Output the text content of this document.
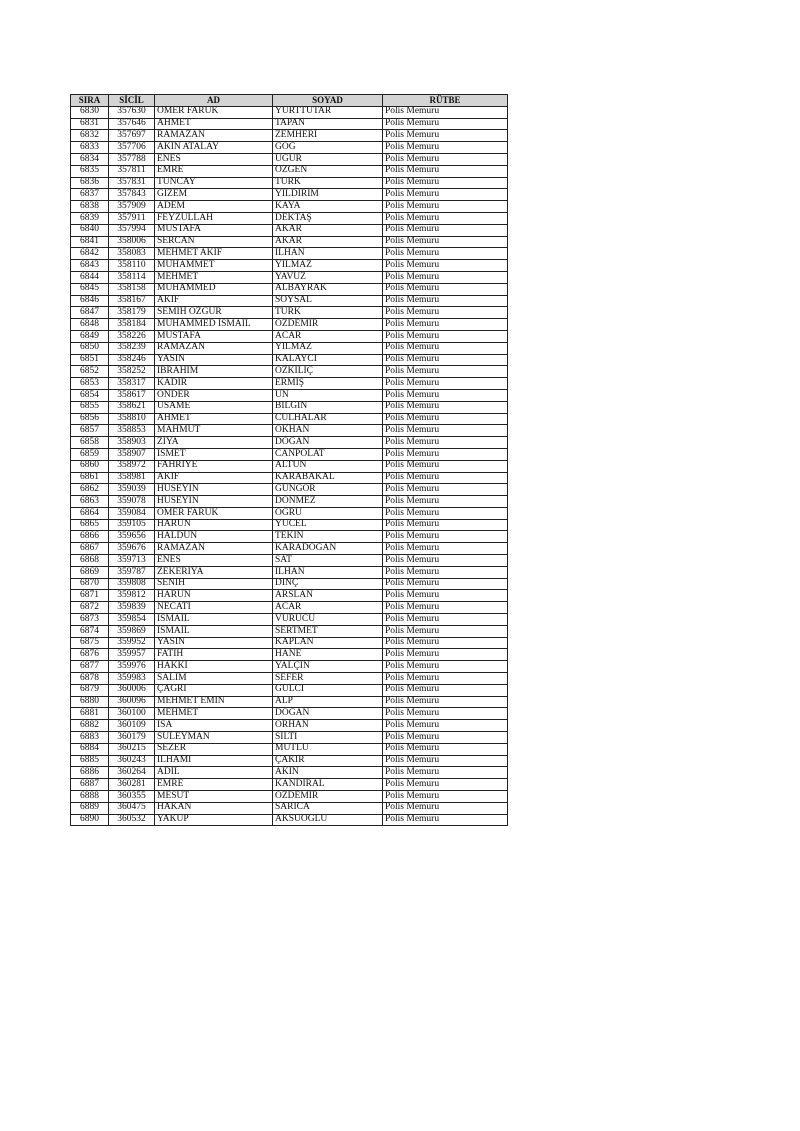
SIRA	SİCİL	AD	SOYAD	RÜTBE
6830	357630	ÖMER FARUK	YURTTUTAR	Polis Memuru
6831	357646	AHMET	TAPAN	Polis Memuru
6832	357697	RAMAZAN	ZEMHERİ	Polis Memuru
6833	357706	AKIN ATALAY	GÖĞ	Polis Memuru
6834	357788	ENES	UĞUR	Polis Memuru
6835	357811	EMRE	ÖZGEN	Polis Memuru
6836	357831	TUNCAY	TÜRK	Polis Memuru
6837	357843	GİZEM	YILDIRIM	Polis Memuru
6838	357909	ADEM	KAYA	Polis Memuru
6839	357911	FEYZULLAH	DEKTAŞ	Polis Memuru
6840	357994	MUSTAFA	AKAR	Polis Memuru
6841	358006	SERCAN	AKAR	Polis Memuru
6842	358083	MEHMET AKİF	İLHAN	Polis Memuru
6843	358110	MUHAMMET	YILMAZ	Polis Memuru
6844	358114	MEHMET	YAVUZ	Polis Memuru
6845	358158	MUHAMMED	ALBAYRAK	Polis Memuru
6846	358167	AKİF	SOYSAL	Polis Memuru
6847	358179	SEMİH ÖZGÜR	TÜRK	Polis Memuru
6848	358184	MUHAMMED İSMAİL	ÖZDEMİR	Polis Memuru
6849	358226	MUSTAFA	ACAR	Polis Memuru
6850	358239	RAMAZAN	YILMAZ	Polis Memuru
6851	358246	YASİN	KALAYCI	Polis Memuru
6852	358252	İBRAHİM	ÖZKILIÇ	Polis Memuru
6853	358317	KADİR	ERMİŞ	Polis Memuru
6854	358617	ÖNDER	ÜN	Polis Memuru
6855	358621	USAME	BİLGİN	Polis Memuru
6856	358810	AHMET	CULHALAR	Polis Memuru
6857	358853	MAHMUT	OKHAN	Polis Memuru
6858	358903	ZİYA	DOĞAN	Polis Memuru
6859	358907	İSMET	CANPOLAT	Polis Memuru
6860	358972	FAHRİYE	ALTUN	Polis Memuru
6861	358981	AKİF	KARABAKAL	Polis Memuru
6862	359039	HÜSEYİN	GÜNGÖR	Polis Memuru
6863	359078	HÜSEYİN	DÖNMEZ	Polis Memuru
6864	359084	ÖMER FARUK	ÖĞRÜ	Polis Memuru
6865	359105	HARUN	YÜCEL	Polis Memuru
6866	359656	HALDUN	TEKİN	Polis Memuru
6867	359676	RAMAZAN	KARADOĞAN	Polis Memuru
6868	359713	ENES	SAT	Polis Memuru
6869	359787	ZEKERİYA	İLHAN	Polis Memuru
6870	359808	SENİH	DİNÇ	Polis Memuru
6871	359812	HARUN	ARSLAN	Polis Memuru
6872	359839	NECATİ	ACAR	Polis Memuru
6873	359854	İSMAİL	VURUCU	Polis Memuru
6874	359869	İSMAİL	SERTMET	Polis Memuru
6875	359952	YASİN	KAPLAN	Polis Memuru
6876	359957	FATİH	HANE	Polis Memuru
6877	359976	HAKKI	YALÇIN	Polis Memuru
6878	359983	SALİM	SEFER	Polis Memuru
6879	360006	ÇAĞRI	GÜLCİ	Polis Memuru
6880	360096	MEHMET EMİN	ALP	Polis Memuru
6881	360100	MEHMET	DOĞAN	Polis Memuru
6882	360109	İSA	ORHAN	Polis Memuru
6883	360179	SÜLEYMAN	SILTI	Polis Memuru
6884	360215	SEZER	MUTLU	Polis Memuru
6885	360243	İLHAMİ	ÇAKIR	Polis Memuru
6886	360264	ADİL	AKIN	Polis Memuru
6887	360281	EMRE	KANDIRAL	Polis Memuru
6888	360355	MESUT	ÖZDEMİR	Polis Memuru
6889	360475	HAKAN	SARICA	Polis Memuru
6890	360532	YAKUP	AKSUOĞLU	Polis Memuru
